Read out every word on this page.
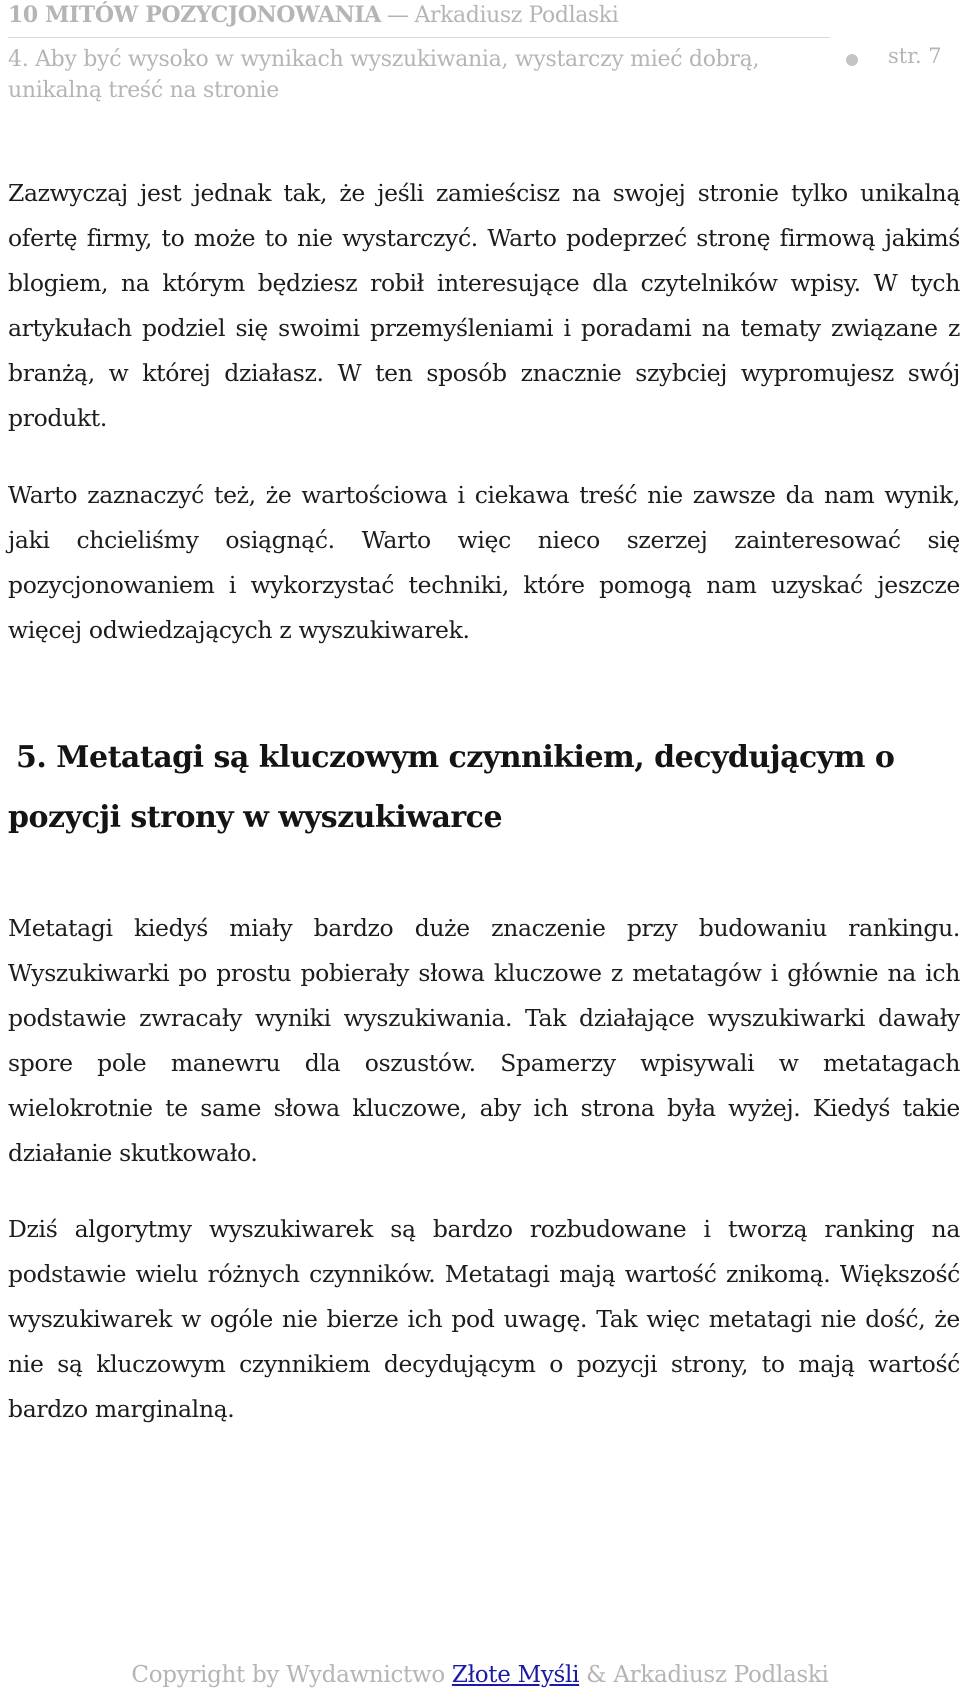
10 MITÓW POZYCJONOWANIA — Arkadiusz Podlaski
4. Aby być wysoko w wynikach wyszukiwania, wystarczy mieć dobrą, unikalną treść na stronie
str. 7

Zazwyczaj jest jednak tak, że jeśli zamieścisz na swojej stronie tylko unikalną ofertę firmy, to może to nie wystarczyć. Warto podeprzeć stronę firmową jakimś blogiem, na którym będziesz robił interesujące dla czytelników wpisy. W tych artykułach podziel się swoimi przemyśleniami i poradami na tematy związane z branżą, w której działasz. W ten sposób znacznie szybciej wypromujesz swój produkt.

Warto zaznaczyć też, że wartościowa i ciekawa treść nie zawsze da nam wynik, jaki chcieliśmy osiągnąć. Warto więc nieco szerzej zainteresować się pozycjonowaniem i wykorzystać techniki, które pomogą nam uzyskać jeszcze więcej odwiedzających z wyszukiwarek.

5. Metatagi są kluczowym czynnikiem, decydującym o pozycji strony w wyszukiwarce

Metatagi kiedyś miały bardzo duże znaczenie przy budowaniu rankingu. Wyszukiwarki po prostu pobierały słowa kluczowe z metatagów i głównie na ich podstawie zwracały wyniki wyszukiwania. Tak działające wyszukiwarki dawały spore pole manewru dla oszustów. Spamerzy wpisywali w metatagach wielokrotnie te same słowa kluczowe, aby ich strona była wyżej. Kiedyś takie działanie skutkowało.

Dziś algorytmy wyszukiwarek są bardzo rozbudowane i tworzą ranking na podstawie wielu różnych czynników. Metatagi mają wartość znikomą. Większość wyszukiwarek w ogóle nie bierze ich pod uwagę. Tak więc metatagi nie dość, że nie są kluczowym czynnikiem decydującym o pozycji strony, to mają wartość bardzo marginalną.

Copyright by Wydawnictwo Złote Myśli & Arkadiusz Podlaski
